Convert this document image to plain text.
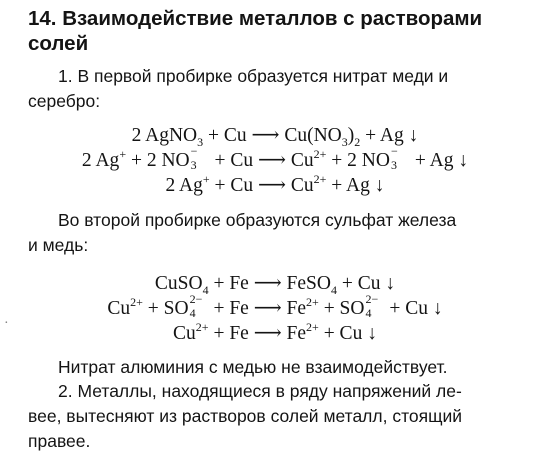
14. Взаимодействие металлов с растворами солей
1. В первой пробирке образуется нитрат меди и
серебро:
2 AgNO$_3$ + Cu ⟶ $Cu(NO_3)_2 + Ag$ ↓
2 Ag+ + 2 NO −
3 + Cu ⟶ $Cu^{2+} + 2$ NO −
3 + Ag ↓
2 Ag+ + Cu ⟶ $Cu^{2+} + Ag$ ↓
Во второй пробирке образуются сульфат железа
и медь:
CuSO$_4$ + Fe ⟶ FeSO$_4$ + Cu ↓
$Cu^{2+}$ + SO 2−
4 + Fe ⟶ $Fe^{2+}$ + SO 2−
4 + Cu ↓
$Cu^{2+} + Fe$ ⟶ $Fe^{2+} + Cu$ ↓
Нитрат алюминия с медью не взаимодействует.
2. Металлы, находящиеся в ряду напряжений ле-
вее, вытесняют из растворов солей металл, стоящий
правее.
·
